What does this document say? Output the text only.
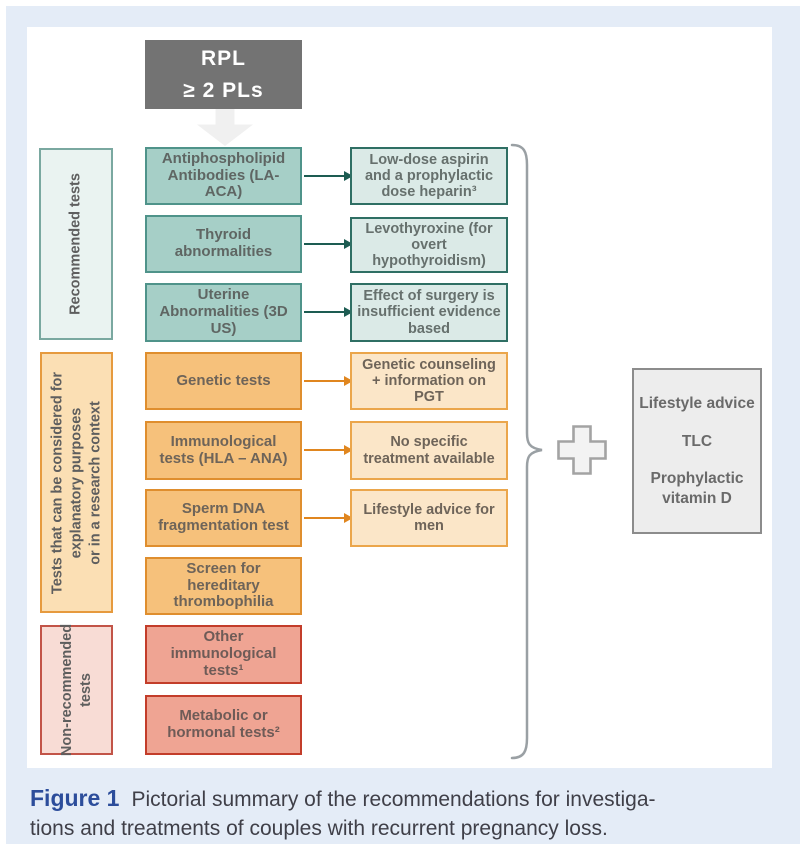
RPL
≥ 2 PLs
Recommended tests
Tests that can be considered for explanatory purposes or in a research context
Non-recommended tests
Antiphospholipid Antibodies (LA-ACA)
Thyroid abnormalities
Uterine Abnormalities (3D US)
Genetic tests
Immunological tests (HLA – ANA)
Sperm DNA fragmentation test
Screen for hereditary thrombophilia
Other immunological tests¹
Metabolic or hormonal tests²
Low-dose aspirin and a prophylactic dose heparin³
Levothyroxine (for overt hypothyroidism)
Effect of surgery is insufficient evidence based
Genetic counseling + information on PGT
No specific treatment available
Lifestyle advice for men
Lifestyle advice
TLC
Prophylactic vitamin D
Figure 1 Pictorial summary of the recommendations for investiga-
tions and treatments of couples with recurrent pregnancy loss.
